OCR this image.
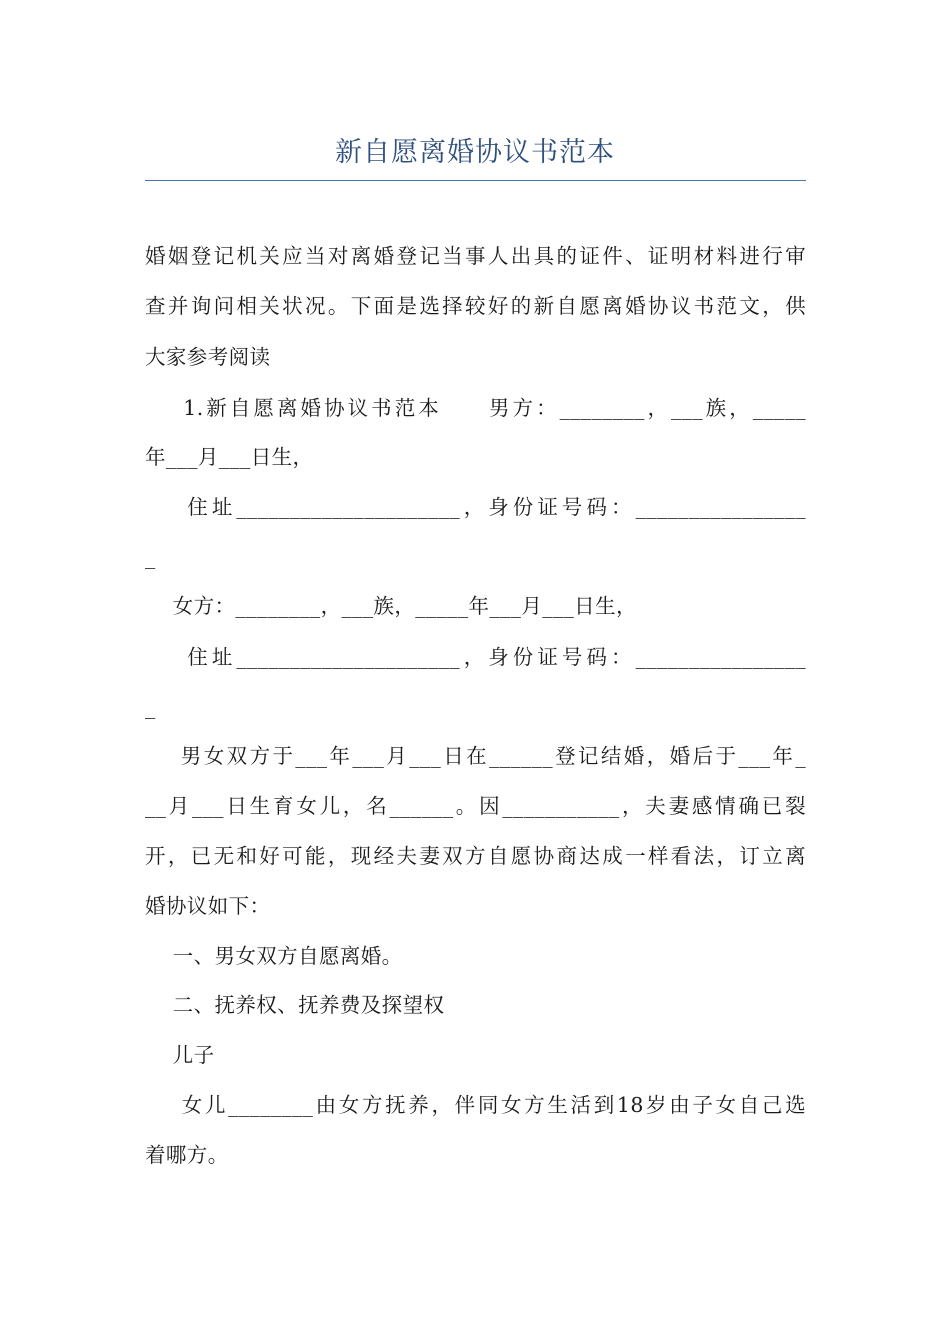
新自愿离婚协议书范本
婚姻登记机关应当对离婚登记当事人出具的证件、证明材料进行审
查并询问相关状况。下面是选择较好的新自愿离婚协议书范文，供
大家参考阅读
1.新自愿离婚协议书范本　　男方：________，___族，_____
年___月___日生，
住址_____________________，身份证号码：________________
_
女方：________，___族，_____年___月___日生，
住址_____________________，身份证号码：________________
_
男女双方于___年___月___日在______登记结婚，婚后于___年_
__月___日生育女儿，名______。因___________，夫妻感情确已裂
开，已无和好可能，现经夫妻双方自愿协商达成一样看法，订立离
婚协议如下：
一、男女双方自愿离婚。
二、抚养权、抚养费及探望权
儿子
女儿________由女方抚养，伴同女方生活到18岁由子女自己选
着哪方。
